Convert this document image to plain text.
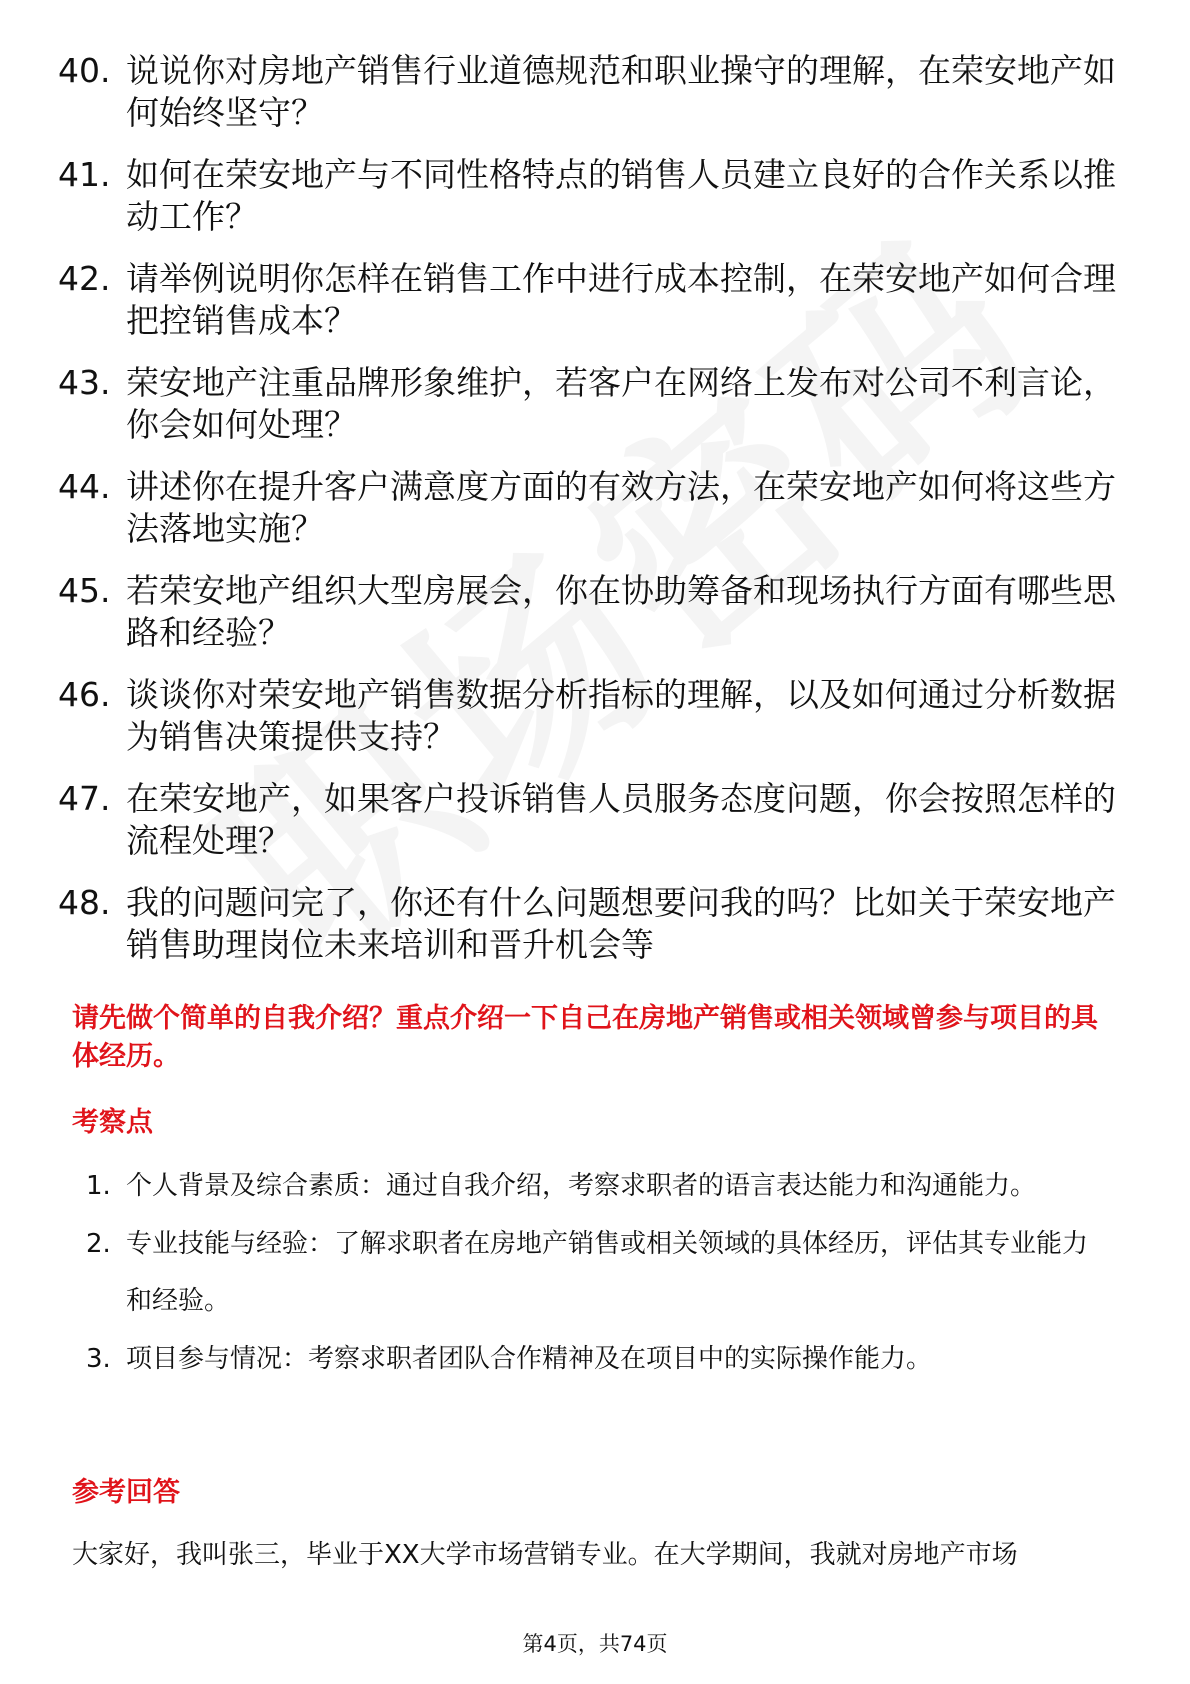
40. 说说你对房地产销售行业道德规范和职业操守的理解，在荣安地产如何始终坚守？
41. 如何在荣安地产与不同性格特点的销售人员建立良好的合作关系以推动工作？
42. 请举例说明你怎样在销售工作中进行成本控制，在荣安地产如何合理把控销售成本？
43. 荣安地产注重品牌形象维护，若客户在网络上发布对公司不利言论，你会如何处理？
44. 讲述你在提升客户满意度方面的有效方法，在荣安地产如何将这些方法落地实施？
45. 若荣安地产组织大型房展会，你在协助筹备和现场执行方面有哪些思路和经验？
46. 谈谈你对荣安地产销售数据分析指标的理解，以及如何通过分析数据为销售决策提供支持？
47. 在荣安地产，如果客户投诉销售人员服务态度问题，你会按照怎样的流程处理？
48. 我的问题问完了，你还有什么问题想要问我的吗？比如关于荣安地产销售助理岗位未来培训和晋升机会等
请先做个简单的自我介绍？重点介绍一下自己在房地产销售或相关领域曾参与项目的具体经历。
考察点
1. 个人背景及综合素质：通过自我介绍，考察求职者的语言表达能力和沟通能力。
2. 专业技能与经验：了解求职者在房地产销售或相关领域的具体经历，评估其专业能力和经验。
3. 项目参与情况：考察求职者团队合作精神及在项目中的实际操作能力。
参考回答
大家好，我叫张三，毕业于XX大学市场营销专业。在大学期间，我就对房地产市场
第4页，共74页
